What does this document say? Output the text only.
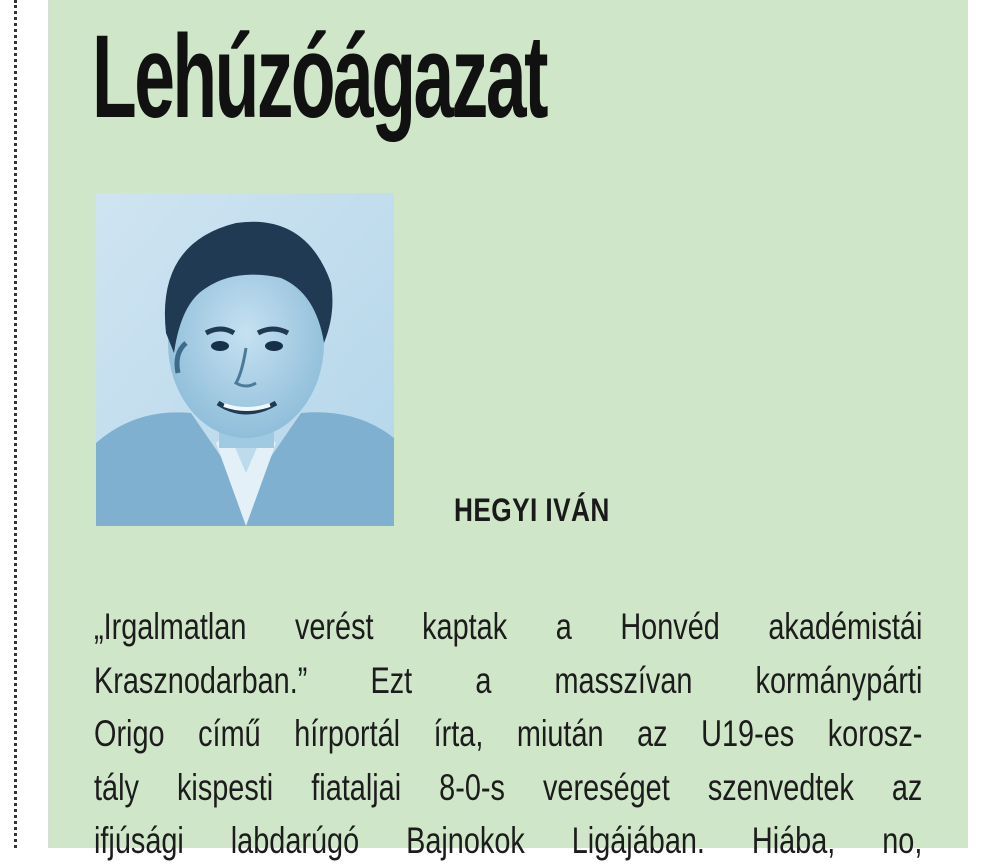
Lehúzóágazat
HEGYI IVÁN
„Irgalmatlan verést kaptak a Honvéd akadémistái
Krasznodarban.” Ezt a masszívan kormánypárti
Origo című hírportál írta, miután az U19-es korosz-
tály kispesti fiataljai 8-0-s vereséget szenvedtek az
ifjúsági labdarúgó Bajnokok Ligájában. Hiába, no,
